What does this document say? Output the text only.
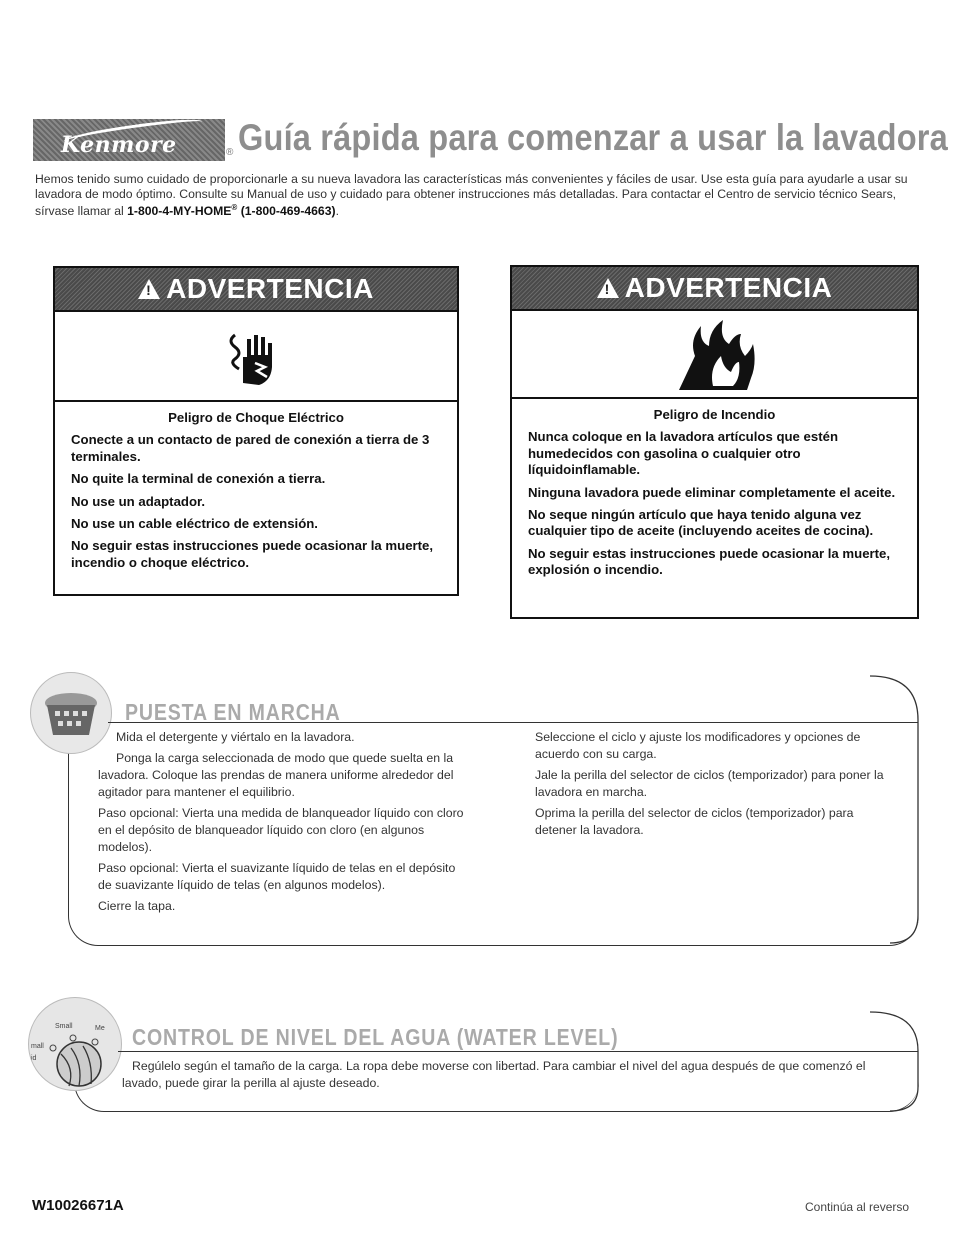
Kenmore	® Guía rápida para comenzar a usar la lavadora
Hemos tenido sumo cuidado de proporcionarle a su nueva lavadora las características más convenientes y fáciles de usar. Use esta guía para ayudarle a usar su lavadora de modo óptimo. Consulte su Manual de uso y cuidado para obtener instrucciones más detalladas. Para contactar el Centro de servicio técnico Sears, sírvase llamar al 1-800-4-MY-HOME® (1-800-469-4663).
!
ADVERTENCIA

Peligro de Choque Eléctrico

Conecte a un contacto de pared de conexión a tierra de 3 terminales.

No quite la terminal de conexión a tierra.

No use un adaptador.

No use un cable eléctrico de extensión.

No seguir estas instrucciones puede ocasionar la muerte, incendio o choque eléctrico.

!
ADVERTENCIA

Peligro de Incendio

Nunca coloque en la lavadora artículos que estén humedecidos con gasolina o cualquier otro líquidoinflamable.

Ninguna lavadora puede eliminar completamente el aceite.

No seque ningún artículo que haya tenido alguna vez cualquier tipo de aceite (incluyendo aceites de cocina).

No seguir estas instrucciones puede ocasionar la muerte, explosión o incendio.

PUESTA EN MARCHA

Mida el detergente y viértalo en la lavadora.

Ponga la carga seleccionada de modo que quede suelta en la lavadora. Coloque las prendas de manera uniforme alrededor del agitador para mantener el equilibrio.

Paso opcional: Vierta una medida de blanqueador líquido con cloro en el depósito de blanqueador líquido con cloro (en algunos modelos).

Paso opcional: Vierta el suavizante líquido de telas en el depósito de suavizante líquido de telas (en algunos modelos).

Cierre la tapa.

Seleccione el ciclo y ajuste los modificadores y opciones de acuerdo con su carga.

Jale la perilla del selector de ciclos (temporizador) para poner la lavadora en marcha.

Oprima la perilla del selector de ciclos (temporizador) para detener la lavadora.

Small	Me
mall
id
CONTROL DE NIVEL DEL AGUA (WATER LEVEL)
Regúlelo según el tamaño de la carga. La ropa debe moverse con libertad. Para cambiar el nivel del agua después de que comenzó el lavado, puede girar la perilla al ajuste deseado.
W10026671A	Continúa al reverso
